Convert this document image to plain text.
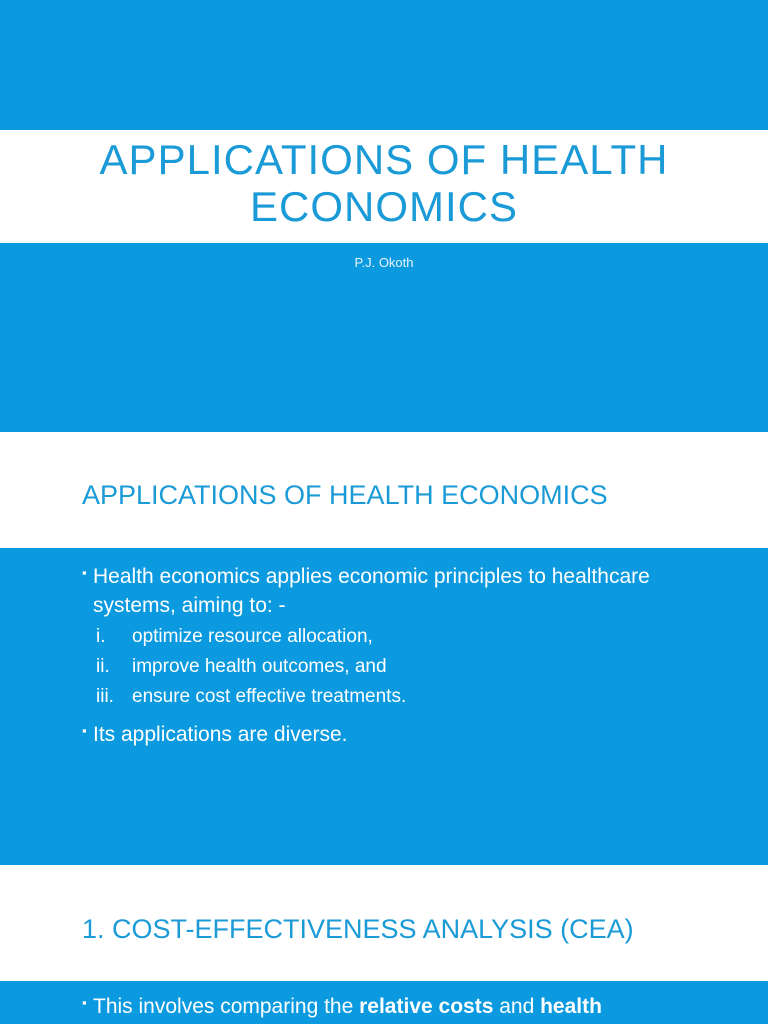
APPLICATIONS OF HEALTH ECONOMICS
P.J. Okoth
APPLICATIONS OF HEALTH ECONOMICS
▪ Health economics applies economic principles to healthcare systems, aiming to: -
i. optimize resource allocation,
ii. improve health outcomes, and
iii. ensure cost effective treatments.
▪ Its applications are diverse.
1. COST-EFFECTIVENESS ANALYSIS (CEA)
▪ This involves comparing the relative costs and health
